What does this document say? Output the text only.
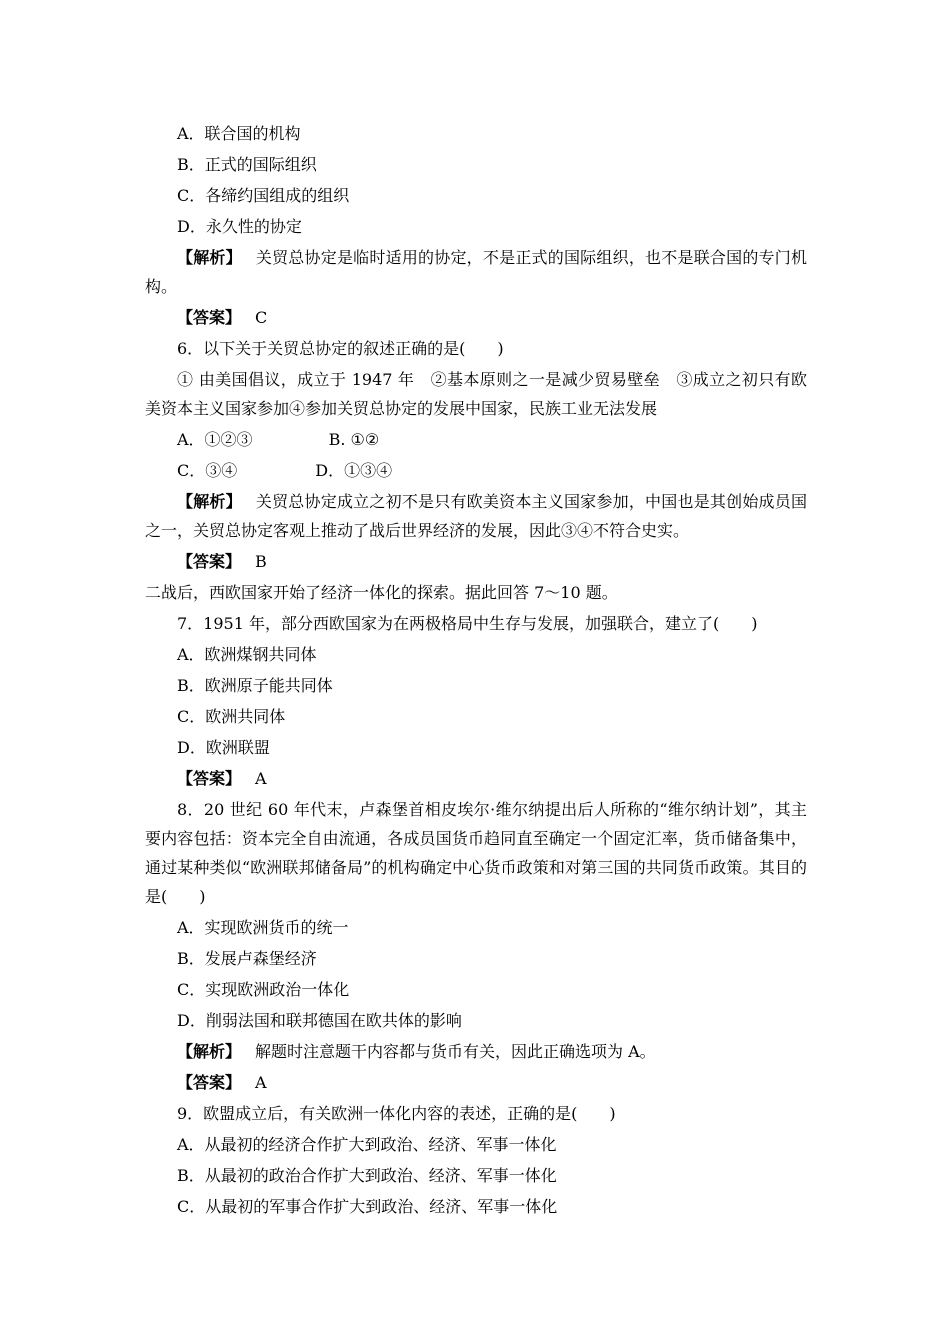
A．联合国的机构
B．正式的国际组织
C．各缔约国组成的组织
D．永久性的协定
【解析】 关贸总协定是临时适用的协定，不是正式的国际组织，也不是联合国的专门机构。
【答案】 C
6．以下关于关贸总协定的叙述正确的是(　　)
① 由美国倡议，成立于 1947 年　②基本原则之一是减少贸易壁垒　③成立之初只有欧美资本主义国家参加④参加关贸总协定的发展中国家，民族工业无法发展
A．①②③	B. ①②
C．③④	D．①③④
【解析】 关贸总协定成立之初不是只有欧美资本主义国家参加，中国也是其创始成员国之一，关贸总协定客观上推动了战后世界经济的发展，因此③④不符合史实。
【答案】 B
二战后，西欧国家开始了经济一体化的探索。据此回答 7～10 题。
7．1951 年，部分西欧国家为在两极格局中生存与发展，加强联合，建立了(　　)
A．欧洲煤钢共同体
B．欧洲原子能共同体
C．欧洲共同体
D．欧洲联盟
【答案】 A
8．20 世纪 60 年代末，卢森堡首相皮埃尔·维尔纳提出后人所称的“维尔纳计划”，其主要内容包括：资本完全自由流通，各成员国货币趋同直至确定一个固定汇率，货币储备集中，通过某种类似“欧洲联邦储备局”的机构确定中心货币政策和对第三国的共同货币政策。其目的是(　　)
A．实现欧洲货币的统一
B．发展卢森堡经济
C．实现欧洲政治一体化
D．削弱法国和联邦德国在欧共体的影响
【解析】 解题时注意题干内容都与货币有关，因此正确选项为 A。
【答案】 A
9．欧盟成立后，有关欧洲一体化内容的表述，正确的是(　　)
A．从最初的经济合作扩大到政治、经济、军事一体化
B．从最初的政治合作扩大到政治、经济、军事一体化
C．从最初的军事合作扩大到政治、经济、军事一体化
